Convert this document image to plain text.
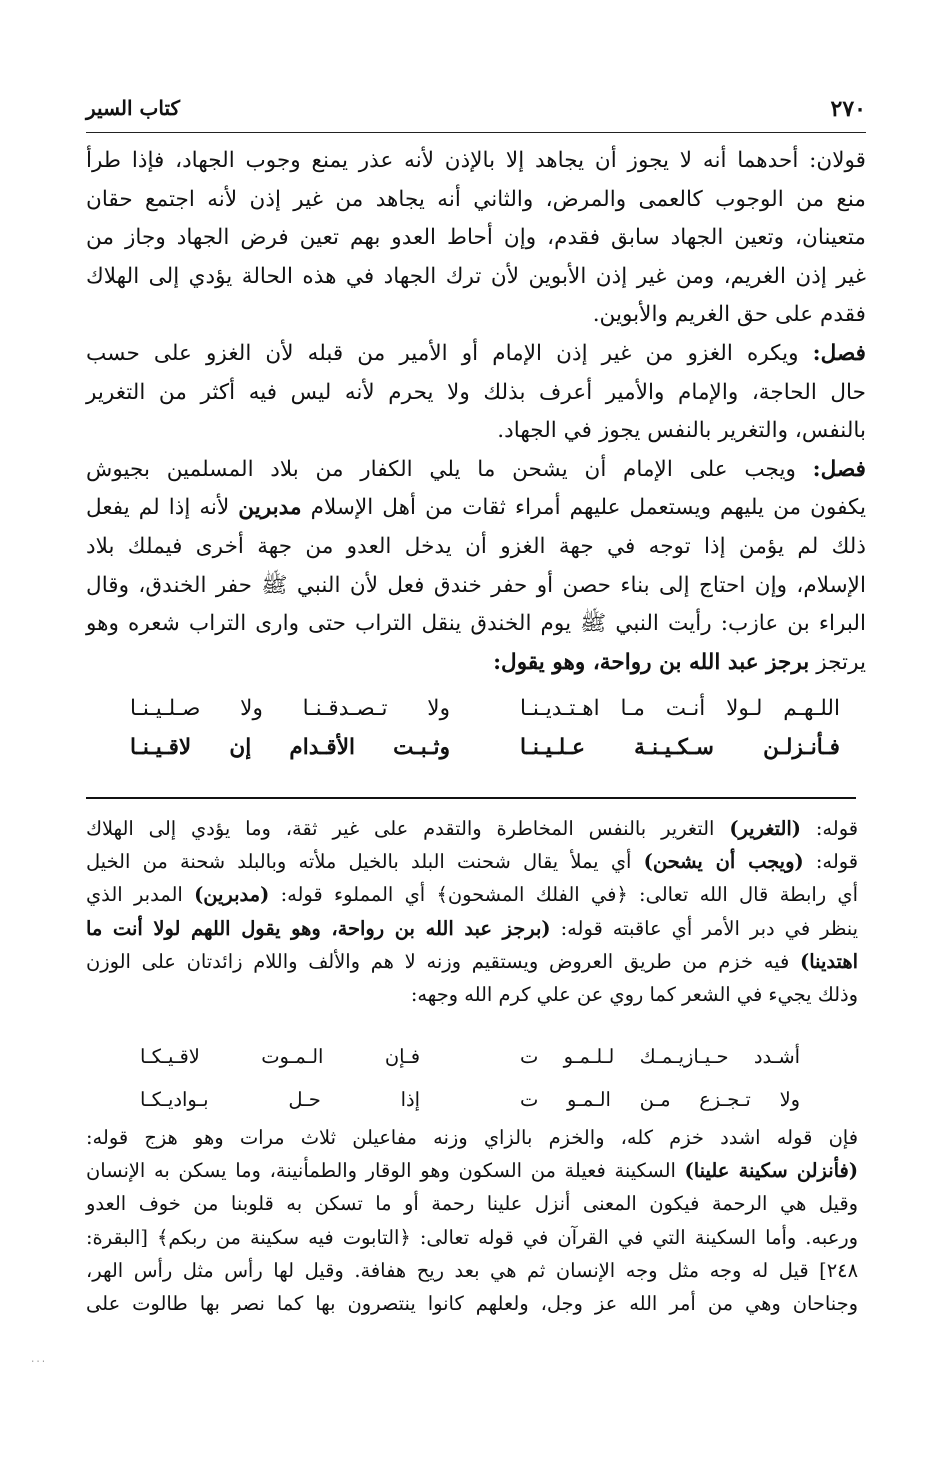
٢٧٠
كتاب السير

قولان: أحدهما أنه لا يجوز أن يجاهد إلا بالإذن لأنه عذر يمنع وجوب الجهاد، فإذا طرأ

منع من الوجوب كالعمى والمرض، والثاني أنه يجاهد من غير إذن لأنه اجتمع حقان

متعينان، وتعين الجهاد سابق فقدم، وإن أحاط العدو بهم تعين فرض الجهاد وجاز من

غير إذن الغريم، ومن غير إذن الأبوين لأن ترك الجهاد في هذه الحالة يؤدي إلى الهلاك

فقدم على حق الغريم والأبوين.

فصل: ويكره الغزو من غير إذن الإمام أو الأمير من قبله لأن الغزو على حسب

حال الحاجة، والإمام والأمير أعرف بذلك ولا يحرم لأنه ليس فيه أكثر من التغرير

بالنفس، والتغرير بالنفس يجوز في الجهاد.

فصل: ويجب على الإمام أن يشحن ما يلي الكفار من بلاد المسلمين بجيوش

يكفون من يليهم ويستعمل عليهم أمراء ثقات من أهل الإسلام مدبرين لأنه إذا لم يفعل

ذلك لم يؤمن إذا توجه في جهة الغزو أن يدخل العدو من جهة أخرى فيملك بلاد

الإسلام، وإن احتاج إلى بناء حصن أو حفر خندق فعل لأن النبي ﷺ حفر الخندق، وقال

البراء بن عازب: رأيت النبي ﷺ يوم الخندق ينقل التراب حتى وارى التراب شعره وهو

يرتجز برجز عبد الله بن رواحة، وهو يقول:

اللـهـم لـولا أنـت مـا اهـتـديـنـا
ولا تـصـدقـنـا ولا صـلـيـنـا
فـأنـزلـن سـكـيـنـة عـلـيـنـا
وثـبـت الأقـدام إن لاقـيـنـا

قوله: (التغرير) التغرير بالنفس المخاطرة والتقدم على غير ثقة، وما يؤدي إلى الهلاك

قوله: (ويجب أن يشحن) أي يملأ يقال شحنت البلد بالخيل ملأته وبالبلد شحنة من الخيل

أي رابطة قال الله تعالى: ﴿في الفلك المشحون﴾ أي المملوء قوله: (مدبرين) المدبر الذي

ينظر في دبر الأمر أي عاقبته قوله: (برجز عبد الله بن رواحة، وهو يقول اللهم لولا أنت ما

اهتدينا) فيه خزم من طريق العروض ويستقيم وزنه لا هم والألف واللام زائدتان على الوزن

وذلك يجيء في الشعر كما روي عن علي كرم الله وجهه:

أشـدد حـيـازيـمـك لـلـمـو ت
فـإن الـمـوت لاقـيـكـا
ولا تـجـزع مـن الـمـو ت
إذا حـل بـواديـكـا

فإن قوله اشدد خزم كله، والخزم بالزاي وزنه مفاعيلن ثلاث مرات وهو هزج قوله:

(فأنزلن سكينة علينا) السكينة فعيلة من السكون وهو الوقار والطمأنينة، وما يسكن به الإنسان

وقيل هي الرحمة فيكون المعنى أنزل علينا رحمة أو ما تسكن به قلوبنا من خوف العدو

ورعبه. وأما السكينة التي في القرآن في قوله تعالى: ﴿التابوت فيه سكينة من ربكم﴾ [البقرة:

٢٤٨] قيل له وجه مثل وجه الإنسان ثم هي بعد ريح هفافة. وقيل لها رأس مثل رأس الهر،

وجناحان وهي من أمر الله عز وجل، ولعلهم كانوا ينتصرون بها كما نصر بها طالوت على

٠٠٠
